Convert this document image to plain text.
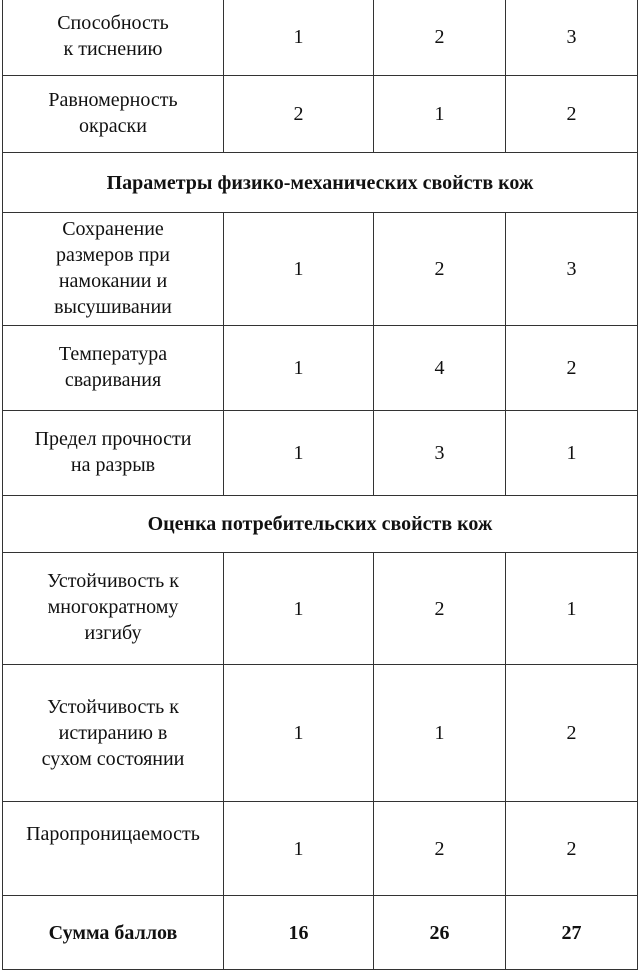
Способность
к тиснению	1	2	3
Равномерность
окраски	2	1	2
Параметры физико-механических свойств кож			
Сохранение
размеров при
намокании и
высушивании	1	2	3
Температура
сваривания	1	4	2
Предел прочности
на разрыв	1	3	1
Оценка потребительских свойств кож			
Устойчивость к
многократному
изгибу	1	2	1
Устойчивость к
истиранию в
сухом состоянии	1	1	2
Паропроницаемость	1	2	2
Сумма баллов	16	26	27
